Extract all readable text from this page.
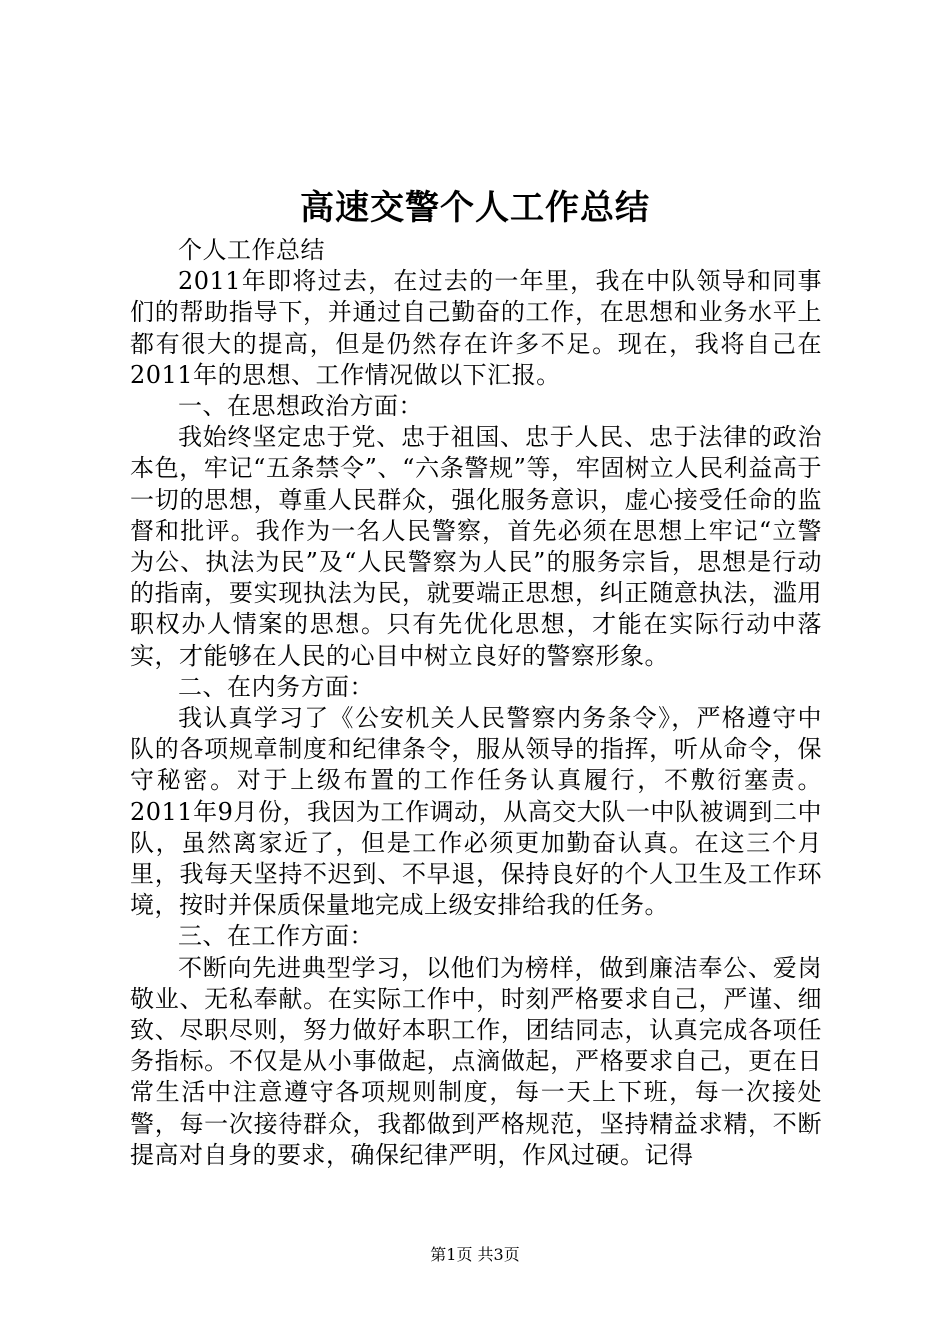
高速交警个人工作总结

个人工作总结

2011年即将过去，在过去的一年里，我在中队领导和同事们的帮助指导下，并通过自己勤奋的工作，在思想和业务水平上都有很大的提高，但是仍然存在许多不足。现在，我将自己在2011年的思想、工作情况做以下汇报。

一、在思想政治方面：

我始终坚定忠于党、忠于祖国、忠于人民、忠于法律的政治本色，牢记“五条禁令”、“六条警规”等，牢固树立人民利益高于一切的思想，尊重人民群众，强化服务意识，虚心接受任命的监督和批评。我作为一名人民警察，首先必须在思想上牢记“立警为公、执法为民”及“人民警察为人民”的服务宗旨，思想是行动的指南，要实现执法为民，就要端正思想，纠正随意执法，滥用职权办人情案的思想。只有先优化思想，才能在实际行动中落实，才能够在人民的心目中树立良好的警察形象。

二、在内务方面：

我认真学习了《公安机关人民警察内务条令》，严格遵守中队的各项规章制度和纪律条令，服从领导的指挥，听从命令，保守秘密。对于上级布置的工作任务认真履行，不敷衍塞责。2011年9月份，我因为工作调动，从高交大队一中队被调到二中队，虽然离家近了，但是工作必须更加勤奋认真。在这三个月里，我每天坚持不迟到、不早退，保持良好的个人卫生及工作环境，按时并保质保量地完成上级安排给我的任务。

三、在工作方面：

不断向先进典型学习，以他们为榜样，做到廉洁奉公、爱岗敬业、无私奉献。在实际工作中，时刻严格要求自己，严谨、细致、尽职尽则，努力做好本职工作，团结同志，认真完成各项任务指标。不仅是从小事做起，点滴做起，严格要求自己，更在日常生活中注意遵守各项规则制度，每一天上下班，每一次接处警，每一次接待群众，我都做到严格规范，坚持精益求精，不断提高对自身的要求，确保纪律严明，作风过硬。记得

第1页 共3页
